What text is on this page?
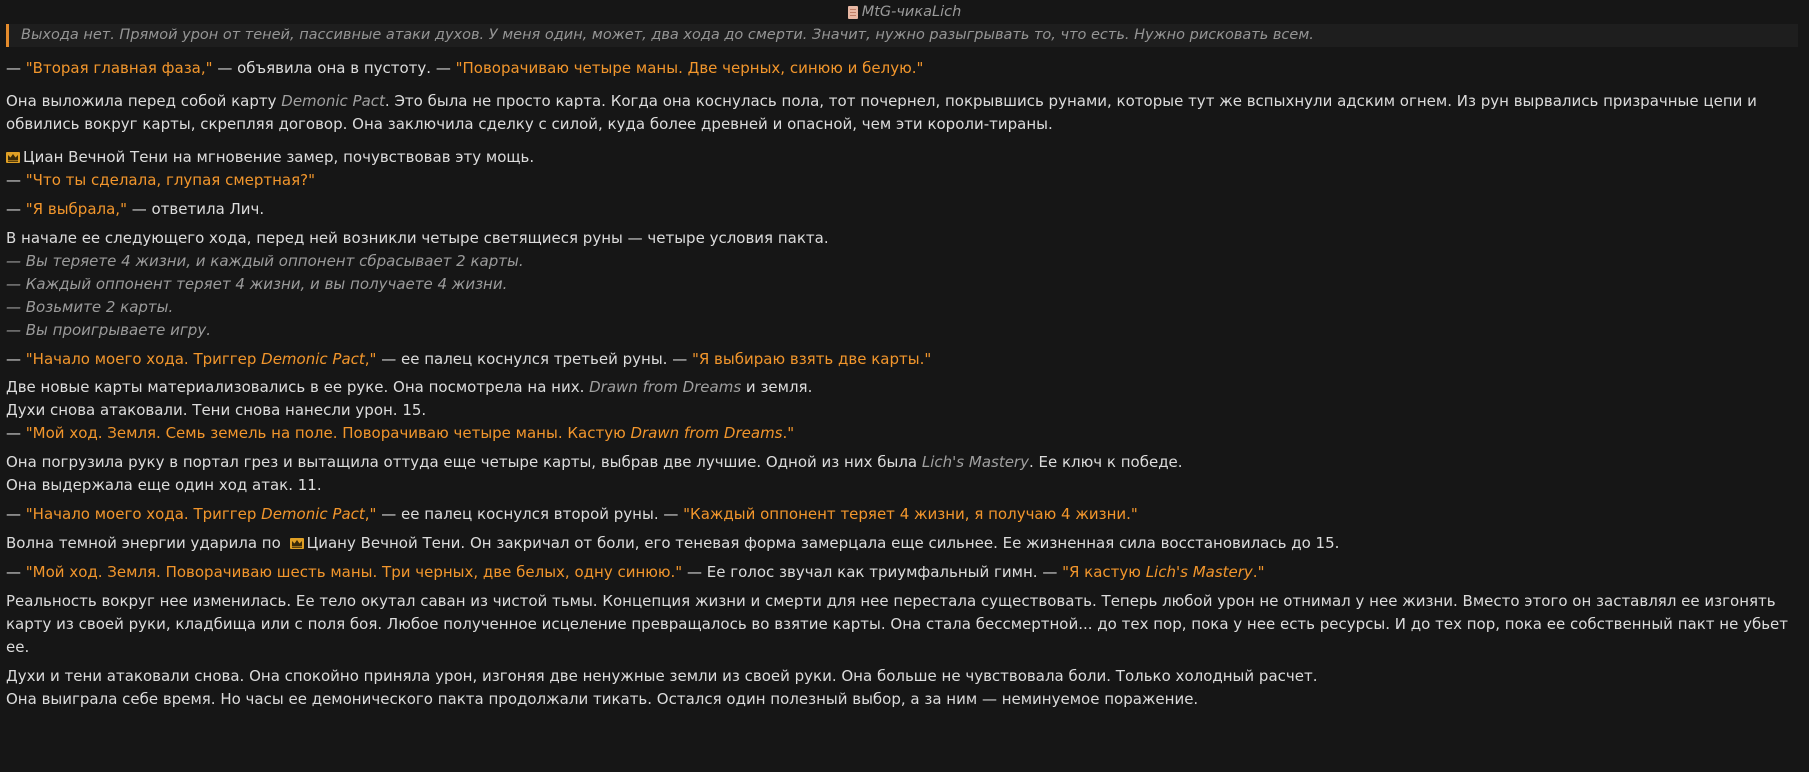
MtG-чикаLich
Выхода нет. Прямой урон от теней, пассивные атаки духов. У меня один, может, два хода до смерти. Значит, нужно разыгрывать то, что есть. Нужно рисковать всем.
— "Вторая главная фаза," — объявила она в пустоту. — "Поворачиваю четыре маны. Две черных, синюю и белую."
Она выложила перед собой карту Demonic Pact. Это была не просто карта. Когда она коснулась пола, тот почернел, покрывшись рунами, которые тут же вспыхнули адским огнем. Из рун вырвались призрачные цепи и обвились вокруг карты, скрепляя договор. Она заключила сделку с силой, куда более древней и опасной, чем эти короли-тираны.
Циан Вечной Тени на мгновение замер, почувствовав эту мощь.
— "Что ты сделала, глупая смертная?"
— "Я выбрала," — ответила Лич.
В начале ее следующего хода, перед ней возникли четыре светящиеся руны — четыре условия пакта.
— Вы теряете 4 жизни, и каждый оппонент сбрасывает 2 карты.
— Каждый оппонент теряет 4 жизни, и вы получаете 4 жизни.
— Возьмите 2 карты.
— Вы проигрываете игру.
— "Начало моего хода. Триггер Demonic Pact," — ее палец коснулся третьей руны. — "Я выбираю взять две карты."
Две новые карты материализовались в ее руке. Она посмотрела на них. Drawn from Dreams и земля.
Духи снова атаковали. Тени снова нанесли урон. 15.
— "Мой ход. Земля. Семь земель на поле. Поворачиваю четыре маны. Кастую Drawn from Dreams."
Она погрузила руку в портал грез и вытащила оттуда еще четыре карты, выбрав две лучшие. Одной из них была Lich's Mastery. Ее ключ к победе.
Она выдержала еще один ход атак. 11.
— "Начало моего хода. Триггер Demonic Pact," — ее палец коснулся второй руны. — "Каждый оппонент теряет 4 жизни, я получаю 4 жизни."
Волна темной энергии ударила по Циану Вечной Тени. Он закричал от боли, его теневая форма замерцала еще сильнее. Ее жизненная сила восстановилась до 15.
— "Мой ход. Земля. Поворачиваю шесть маны. Три черных, две белых, одну синюю." — Ее голос звучал как триумфальный гимн. — "Я кастую Lich's Mastery."
Реальность вокруг нее изменилась. Ее тело окутал саван из чистой тьмы. Концепция жизни и смерти для нее перестала существовать. Теперь любой урон не отнимал у нее жизни. Вместо этого он заставлял ее изгонять карту из своей руки, кладбища или с поля боя. Любое полученное исцеление превращалось во взятие карты. Она стала бессмертной... до тех пор, пока у нее есть ресурсы. И до тех пор, пока ее собственный пакт не убьет ее.
Духи и тени атаковали снова. Она спокойно приняла урон, изгоняя две ненужные земли из своей руки. Она больше не чувствовала боли. Только холодный расчет.
Она выиграла себе время. Но часы ее демонического пакта продолжали тикать. Остался один полезный выбор, а за ним — неминуемое поражение.
